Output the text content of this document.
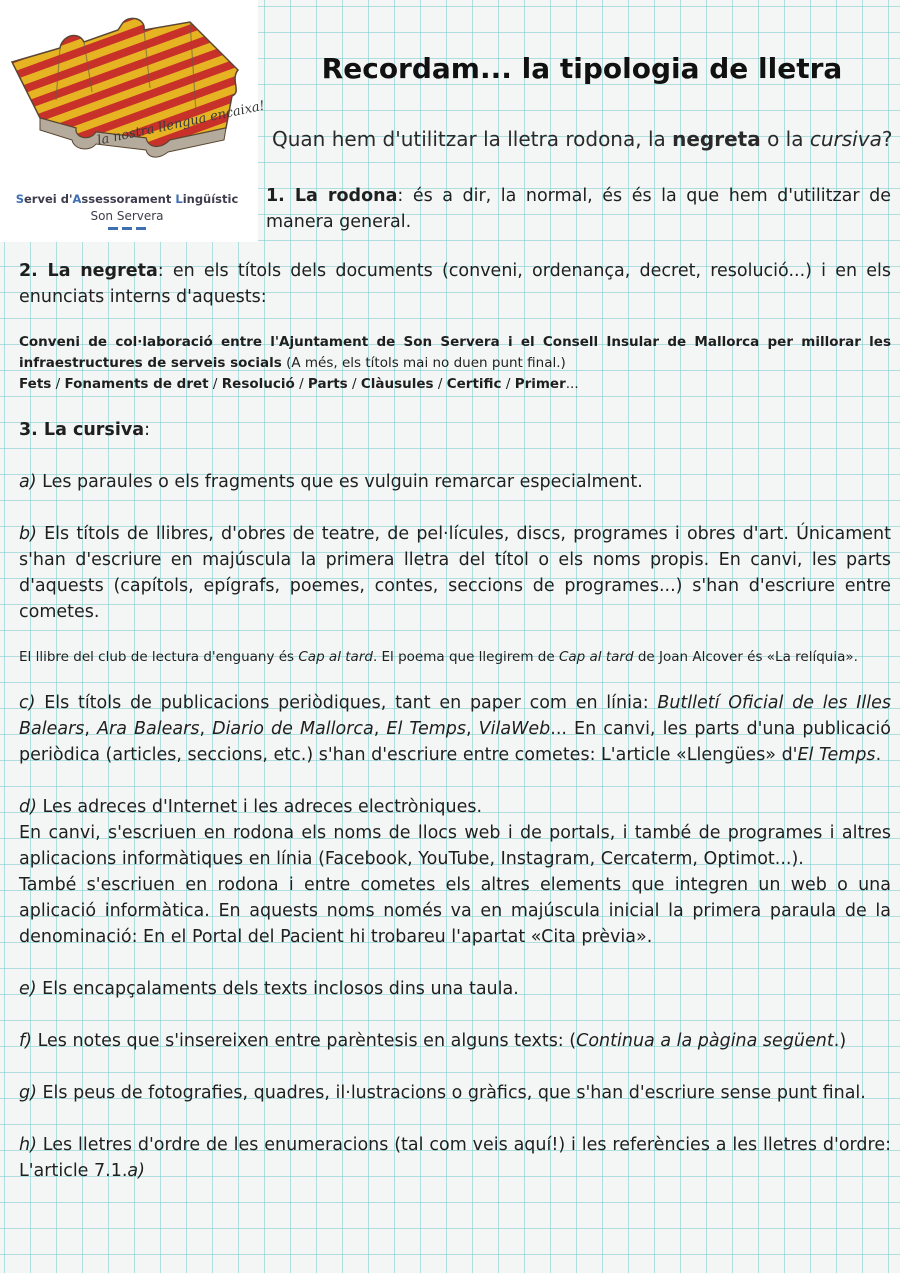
la nostra llengua encaixa!
Servei d'Assessorament Lingüístic
Son Servera
Recordam... la tipologia de lletra
Quan hem d'utilitzar la lletra rodona, la negreta o la cursiva?
1. La rodona: és a dir, la normal, és és la que hem d'utilitzar de manera general.

2. La negreta: en els títols dels documents (conveni, ordenança, decret, resolució...) i en els enunciats interns d'aquests:

Conveni de col·laboració entre l'Ajuntament de Son Servera i el Consell Insular de Mallorca per millorar les infraestructures de serveis socials (A més, els títols mai no duen punt final.)
Fets / Fonaments de dret / Resolució / Parts / Clàusules / Certific / Primer...

3. La cursiva:

a) Les paraules o els fragments que es vulguin remarcar especialment.

b) Els títols de llibres, d'obres de teatre, de pel·lícules, discs, programes i obres d'art. Únicament s'han d'escriure en majúscula la primera lletra del títol o els noms propis. En canvi, les parts d'aquests (capítols, epígrafs, poemes, contes, seccions de programes...) s'han d'escriure entre cometes.

El llibre del club de lectura d'enguany és Cap al tard. El poema que llegirem de Cap al tard de Joan Alcover és «La relíquia».

c) Els títols de publicacions periòdiques, tant en paper com en línia: Butlletí Oficial de les Illes Balears, Ara Balears, Diario de Mallorca, El Temps, VilaWeb... En canvi, les parts d'una publicació periòdica (articles, seccions, etc.) s'han d'escriure entre cometes: L'article «Llengües» d'El Temps.

d) Les adreces d'Internet i les adreces electròniques.

En canvi, s'escriuen en rodona els noms de llocs web i de portals, i també de programes i altres aplicacions informàtiques en línia (Facebook, YouTube, Instagram, Cercaterm, Optimot...).

També s'escriuen en rodona i entre cometes els altres elements que integren un web o una aplicació informàtica. En aquests noms només va en majúscula inicial la primera paraula de la denominació: En el Portal del Pacient hi trobareu l'apartat «Cita prèvia».

e) Els encapçalaments dels texts inclosos dins una taula.

f) Les notes que s'insereixen entre parèntesis en alguns texts: (Continua a la pàgina següent.)

g) Els peus de fotografies, quadres, il·lustracions o gràfics, que s'han d'escriure sense punt final.

h) Les lletres d'ordre de les enumeracions (tal com veis aquí!) i les referències a les lletres d'ordre: L'article 7.1.a)
